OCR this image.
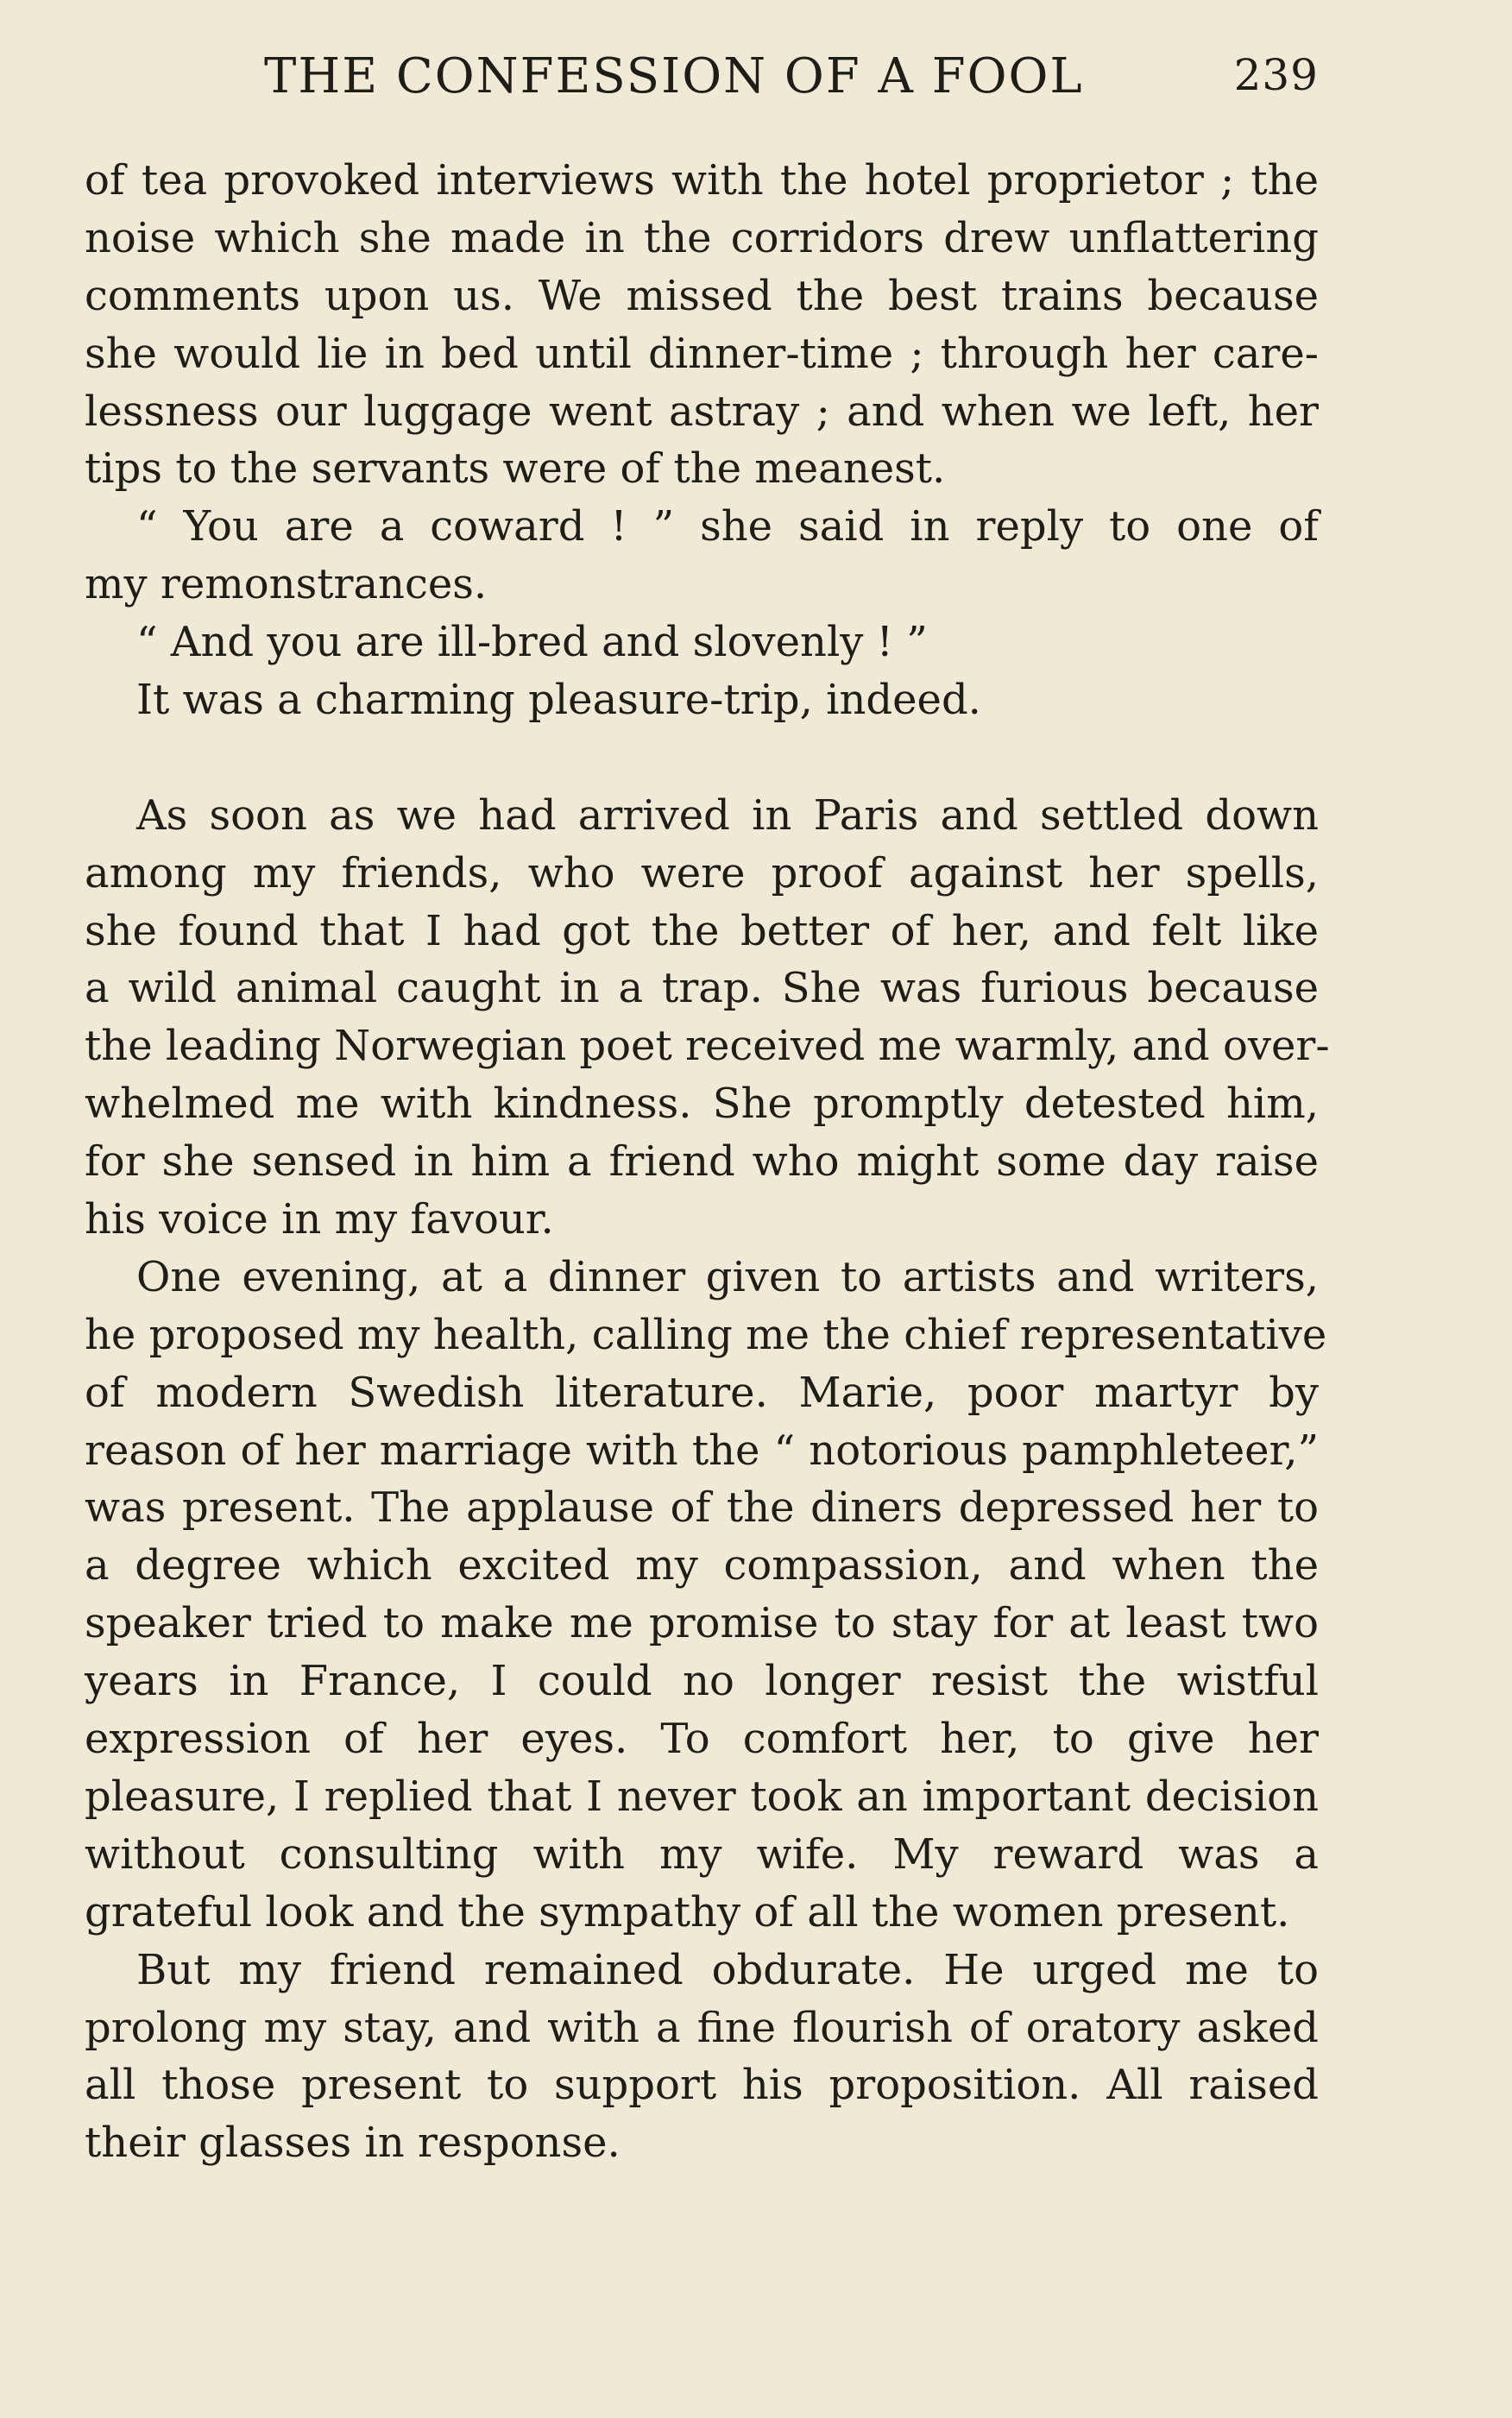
THE CONFESSION OF A FOOL	239
of tea provoked interviews with the hotel proprietor ; the
noise which she made in the corridors drew unflattering
comments upon us. We missed the best trains because
she would lie in bed until dinner-time ; through her care-
lessness our luggage went astray ; and when we left, her
tips to the servants were of the meanest.
“ You are a coward ! ” she said in reply to one of
my remonstrances.
“ And you are ill-bred and slovenly ! ”
It was a charming pleasure-trip, indeed.
As soon as we had arrived in Paris and settled down
among my friends, who were proof against her spells,
she found that I had got the better of her, and felt like
a wild animal caught in a trap. She was furious because
the leading Norwegian poet received me warmly, and over-
whelmed me with kindness. She promptly detested him,
for she sensed in him a friend who might some day raise
his voice in my favour.
One evening, at a dinner given to artists and writers,
he proposed my health, calling me the chief representative
of modern Swedish literature. Marie, poor martyr by
reason of her marriage with the “ notorious pamphleteer,”
was present. The applause of the diners depressed her to
a degree which excited my compassion, and when the
speaker tried to make me promise to stay for at least two
years in France, I could no longer resist the wistful
expression of her eyes. To comfort her, to give her
pleasure, I replied that I never took an important decision
without consulting with my wife. My reward was a
grateful look and the sympathy of all the women present.
But my friend remained obdurate. He urged me to
prolong my stay, and with a fine flourish of oratory asked
all those present to support his proposition. All raised
their glasses in response.
